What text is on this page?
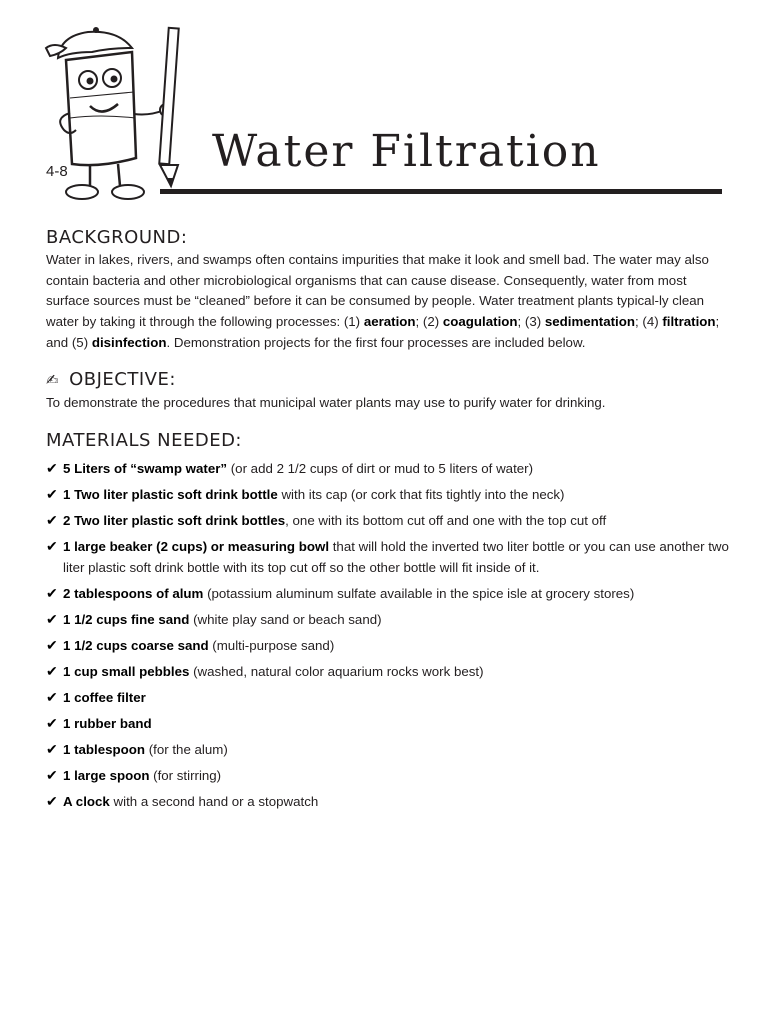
4-8	Water Filtration
BACKGROUND:

Water in lakes, rivers, and swamps often contains impurities that make it look and smell bad. The water may also contain bacteria and other microbiological organisms that can cause disease. Consequently, water from most surface sources must be “cleaned” before it can be consumed by people. Water treatment plants typical-ly clean water by taking it through the following processes: (1) aeration; (2) coagulation; (3) sedimentation; (4) filtration; and (5) disinfection. Demonstration projects for the first four processes are included below.

✍ OBJECTIVE:

To demonstrate the procedures that municipal water plants may use to purify water for drinking.

MATERIALS NEEDED:
✔ 5 Liters of “swamp water” (or add 2 1/2 cups of dirt or mud to 5 liters of water)
✔ 1 Two liter plastic soft drink bottle with its cap (or cork that fits tightly into the neck)
✔ 2 Two liter plastic soft drink bottles, one with its bottom cut off and one with the top cut off
✔ 1 large beaker (2 cups) or measuring bowl that will hold the inverted two liter bottle or you can use another two liter plastic soft drink bottle with its top cut off so the other bottle will fit inside of it.
✔ 2 tablespoons of alum (potassium aluminum sulfate available in the spice isle at grocery stores)
✔ 1 1/2 cups fine sand (white play sand or beach sand)
✔ 1 1/2 cups coarse sand (multi-purpose sand)
✔ 1 cup small pebbles (washed, natural color aquarium rocks work best)
✔ 1 coffee filter
✔ 1 rubber band
✔ 1 tablespoon (for the alum)
✔ 1 large spoon (for stirring)
✔ A clock with a second hand or a stopwatch
